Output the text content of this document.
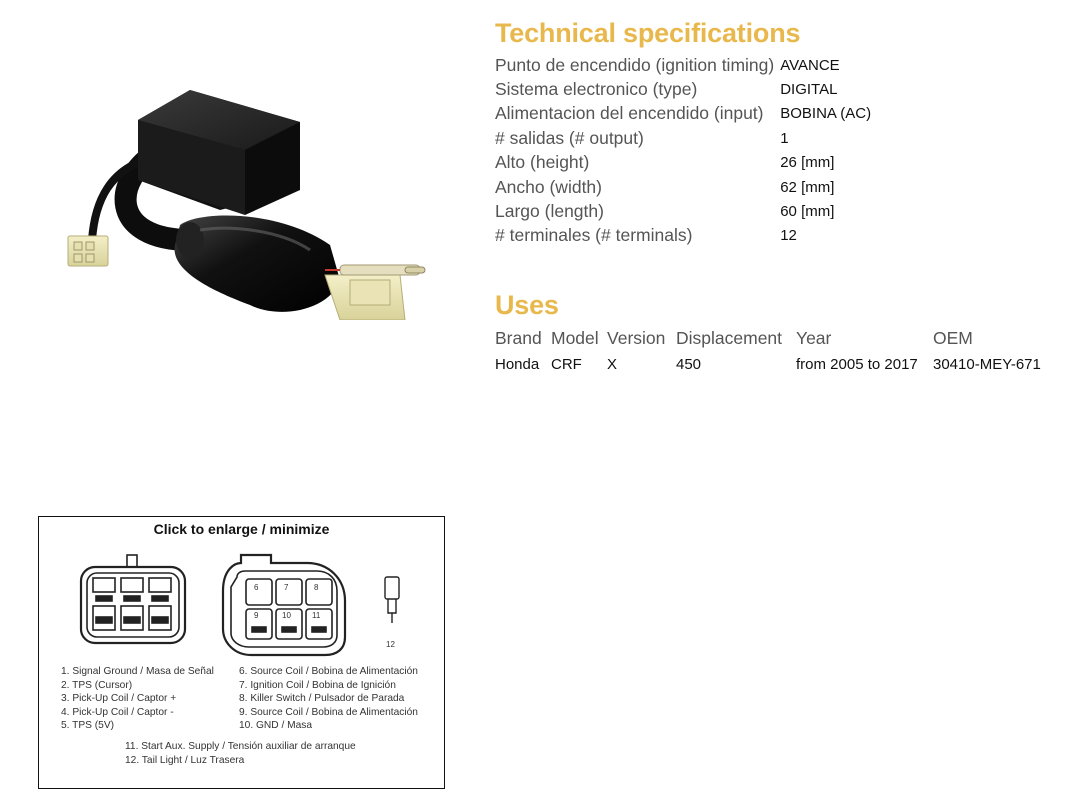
Technical specifications
Punto de encendido (ignition timing)	AVANCE
Sistema electronico (type)	DIGITAL
Alimentacion del encendido (input)	BOBINA (AC)
# salidas (# output)	1
Alto (height)	26 [mm]
Ancho (width)	62 [mm]
Largo (length)	60 [mm]
# terminales (# terminals)	12
Uses
Brand	Model	Version	Displacement	Year	OEM
Honda	CRF	X	450	from 2005 to 2017	30410-MEY-671
Click to enlarge / minimize
6	7	8
9	10	11
12
1. Signal Ground / Masa de Señal
2. TPS (Cursor)
3. Pick-Up Coil / Captor +
4. Pick-Up Coil / Captor -
5. TPS (5V)
6. Source Coil / Bobina de Alimentación
7. Ignition Coil / Bobina de Ignición
8. Killer Switch / Pulsador de Parada
9. Source Coil / Bobina de Alimentación
10. GND / Masa
11. Start Aux. Supply / Tensión auxiliar de arranque
12. Tail Light / Luz Trasera
